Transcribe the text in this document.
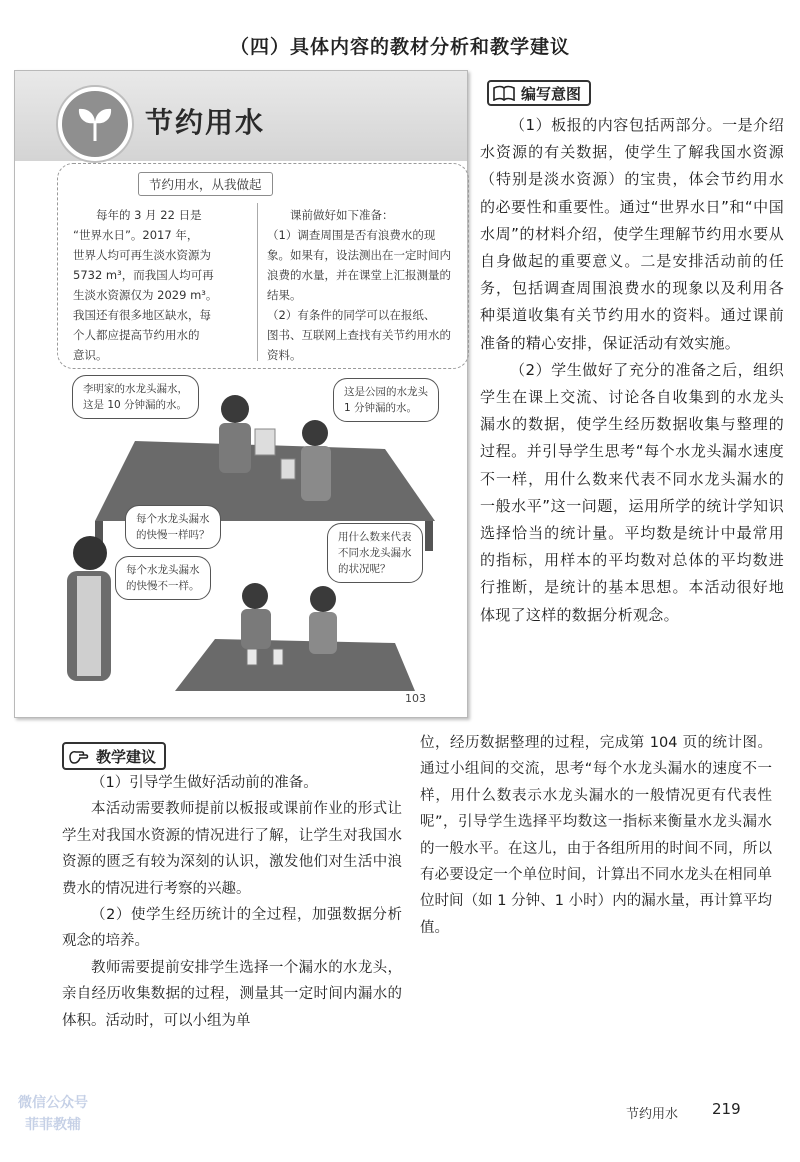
（四）具体内容的教材分析和教学建议
节约用水
节约用水，从我做起

每年的 3 月 22 日是

“世界水日”。2017 年，

世界人均可再生淡水资源为

5732 m³，而我国人均可再

生淡水资源仅为 2029 m³。

我国还有很多地区缺水，每

个人都应提高节约用水的

意识。

课前做好如下准备：

（1）调查周围是否有浪费水的现

象。如果有，设法测出在一定时间内

浪费的水量，并在课堂上汇报测量的

结果。

（2）有条件的同学可以在报纸、

图书、互联网上查找有关节约用水的

资料。

李明家的水龙头漏水，
这是 10 分钟漏的水。
这是公园的水龙头
1 分钟漏的水。
每个水龙头漏水
的快慢一样吗？
每个水龙头漏水
的快慢不一样。
用什么数来代表
不同水龙头漏水
的状况呢？
103
编写意图

（1）板报的内容包括两部分。一是介绍水资源的有关数据，使学生了解我国水资源（特别是淡水资源）的宝贵，体会节约用水的必要性和重要性。通过“世界水日”和“中国水周”的材料介绍，使学生理解节约用水要从自身做起的重要意义。二是安排活动前的任务，包括调查周围浪费水的现象以及利用各种渠道收集有关节约用水的资料。通过课前准备的精心安排，保证活动有效实施。

（2）学生做好了充分的准备之后，组织学生在课上交流、讨论各自收集到的水龙头漏水的数据，使学生经历数据收集与整理的过程。并引导学生思考“每个水龙头漏水速度不一样，用什么数来代表不同水龙头漏水的一般水平”这一问题，运用所学的统计学知识选择恰当的统计量。平均数是统计中最常用的指标，用样本的平均数对总体的平均数进行推断，是统计的基本思想。本活动很好地体现了这样的数据分析观念。

教学建议

（1）引导学生做好活动前的准备。

本活动需要教师提前以板报或课前作业的形式让学生对我国水资源的情况进行了解，让学生对我国水资源的匮乏有较为深刻的认识，激发他们对生活中浪费水的情况进行考察的兴趣。

（2）使学生经历统计的全过程，加强数据分析观念的培养。

教师需要提前安排学生选择一个漏水的水龙头，亲自经历收集数据的过程，测量其一定时间内漏水的体积。活动时，可以小组为单

位，经历数据整理的过程，完成第 104 页的统计图。通过小组间的交流，思考“每个水龙头漏水的速度不一样，用什么数表示水龙头漏水的一般情况更有代表性呢”，引导学生选择平均数这一指标来衡量水龙头漏水的一般水平。在这儿，由于各组所用的时间不同，所以有必要设定一个单位时间，计算出不同水龙头在相同单位时间（如 1 分钟、1 小时）内的漏水量，再计算平均值。

节约用水 219
微信公众号
菲菲教辅
